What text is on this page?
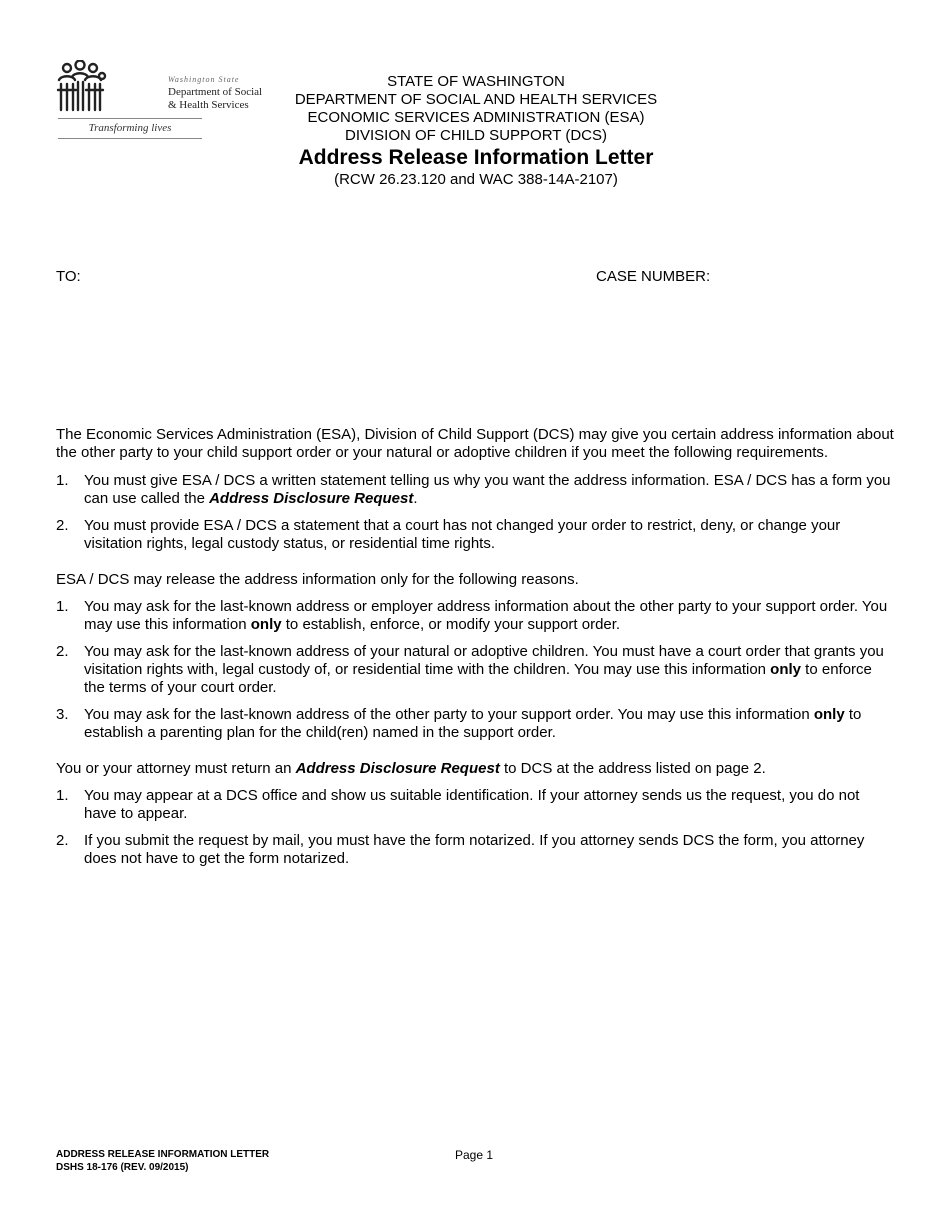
Washington State
Department of Social
& Health Services
Transforming lives
STATE OF WASHINGTON
DEPARTMENT OF SOCIAL AND HEALTH SERVICES
ECONOMIC SERVICES ADMINISTRATION (ESA)
DIVISION OF CHILD SUPPORT (DCS)
Address Release Information Letter
(RCW 26.23.120 and WAC 388-14A-2107)
TO:	CASE NUMBER:

The Economic Services Administration (ESA), Division of Child Support (DCS) may give you certain address information about the other party to your child support order or your natural or adoptive children if you meet the following requirements.

1.	You must give ESA / DCS a written statement telling us why you want the address information. ESA / DCS has a form you can use called the Address Disclosure Request.
2.	You must provide ESA / DCS a statement that a court has not changed your order to restrict, deny, or change your visitation rights, legal custody status, or residential time rights.

ESA / DCS may release the address information only for the following reasons.

1.	You may ask for the last-known address or employer address information about the other party to your support order. You may use this information only to establish, enforce, or modify your support order.
2.	You may ask for the last-known address of your natural or adoptive children. You must have a court order that grants you visitation rights with, legal custody of, or residential time with the children. You may use this information only to enforce the terms of your court order.
3.	You may ask for the last-known address of the other party to your support order. You may use this information only to establish a parenting plan for the child(ren) named in the support order.

You or your attorney must return an Address Disclosure Request to DCS at the address listed on page 2.

1.	You may appear at a DCS office and show us suitable identification. If your attorney sends us the request, you do not have to appear.
2.	If you submit the request by mail, you must have the form notarized. If you attorney sends DCS the form, you attorney does not have to get the form notarized.
ADDRESS RELEASE INFORMATION LETTER
DSHS 18-176 (REV. 09/2015)
Page 1
